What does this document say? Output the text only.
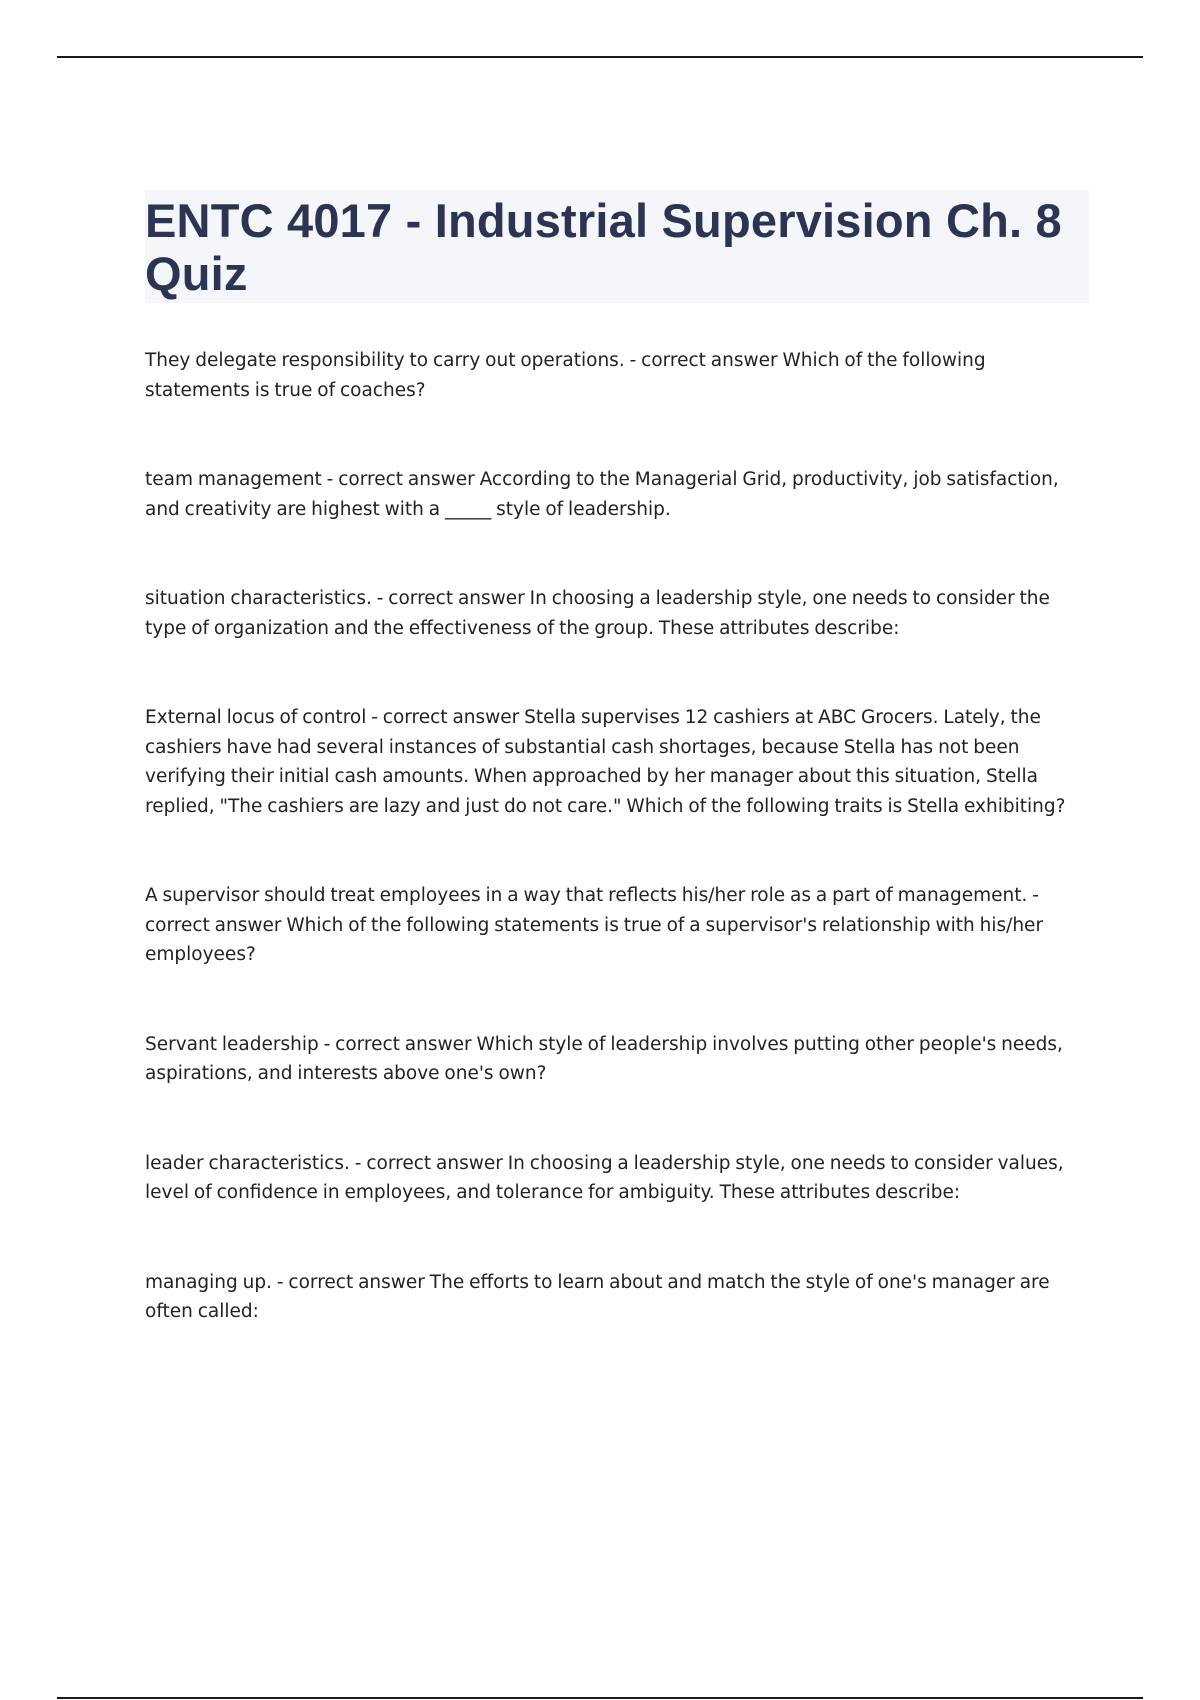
ENTC 4017 - Industrial Supervision Ch. 8 Quiz
They delegate responsibility to carry out operations. - correct answer Which of the following statements is true of coaches?
team management - correct answer According to the Managerial Grid, productivity, job satisfaction, and creativity are highest with a _____ style of leadership.
situation characteristics. - correct answer In choosing a leadership style, one needs to consider the type of organization and the effectiveness of the group. These attributes describe:
External locus of control - correct answer Stella supervises 12 cashiers at ABC Grocers. Lately, the cashiers have had several instances of substantial cash shortages, because Stella has not been verifying their initial cash amounts. When approached by her manager about this situation, Stella replied, "The cashiers are lazy and just do not care." Which of the following traits is Stella exhibiting?
A supervisor should treat employees in a way that reflects his/her role as a part of management. - correct answer Which of the following statements is true of a supervisor's relationship with his/her employees?
Servant leadership - correct answer Which style of leadership involves putting other people's needs, aspirations, and interests above one's own?
leader characteristics. - correct answer In choosing a leadership style, one needs to consider values, level of confidence in employees, and tolerance for ambiguity. These attributes describe:
managing up. - correct answer The efforts to learn about and match the style of one's manager are often called:
